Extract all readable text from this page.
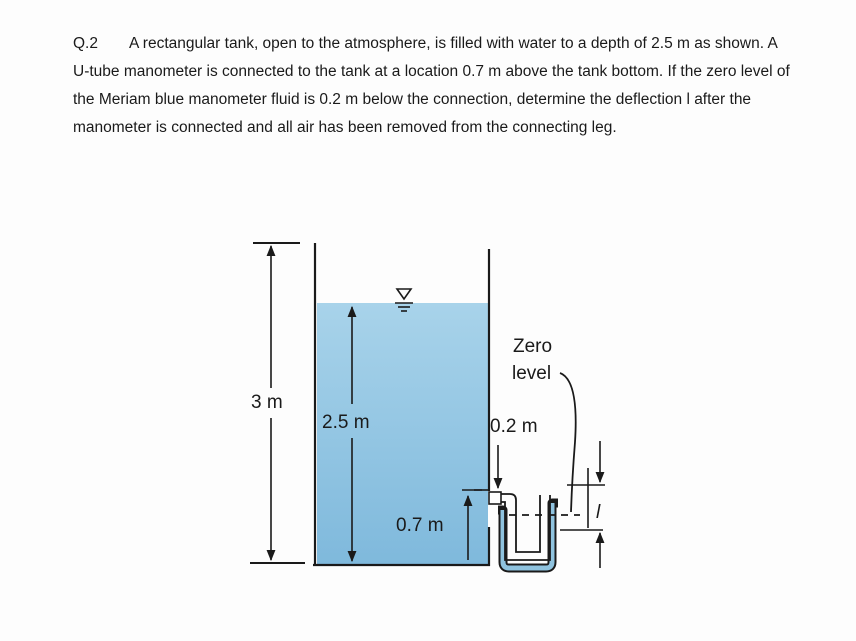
Q.2 A rectangular tank, open to the atmosphere, is filled with water to a depth of 2.5 m as shown. A U-tube manometer is connected to the tank at a location 0.7 m above the tank bottom. If the zero level of the Meriam blue manometer fluid is 0.2 m below the connection, determine the deflection l after the manometer is connected and all air has been removed from the connecting leg.

3 m
2.5 m
0.7 m
Zero
level
0.2 m
l
